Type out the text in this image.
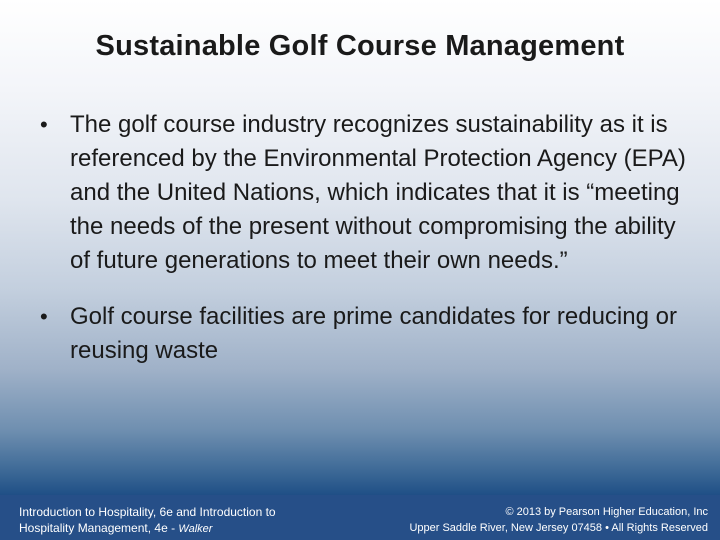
Sustainable Golf Course Management
• The golf course industry recognizes sustainability as it is referenced by the Environmental Protection Agency (EPA) and the United Nations, which indicates that it is “meeting the needs of the present without compromising the ability of future generations to meet their own needs.”
• Golf course facilities are prime candidates for reducing or reusing waste
Introduction to Hospitality, 6e and Introduction to
Hospitality Management, 4e - Walker
© 2013 by Pearson Higher Education, Inc
Upper Saddle River, New Jersey 07458 • All Rights Reserved
